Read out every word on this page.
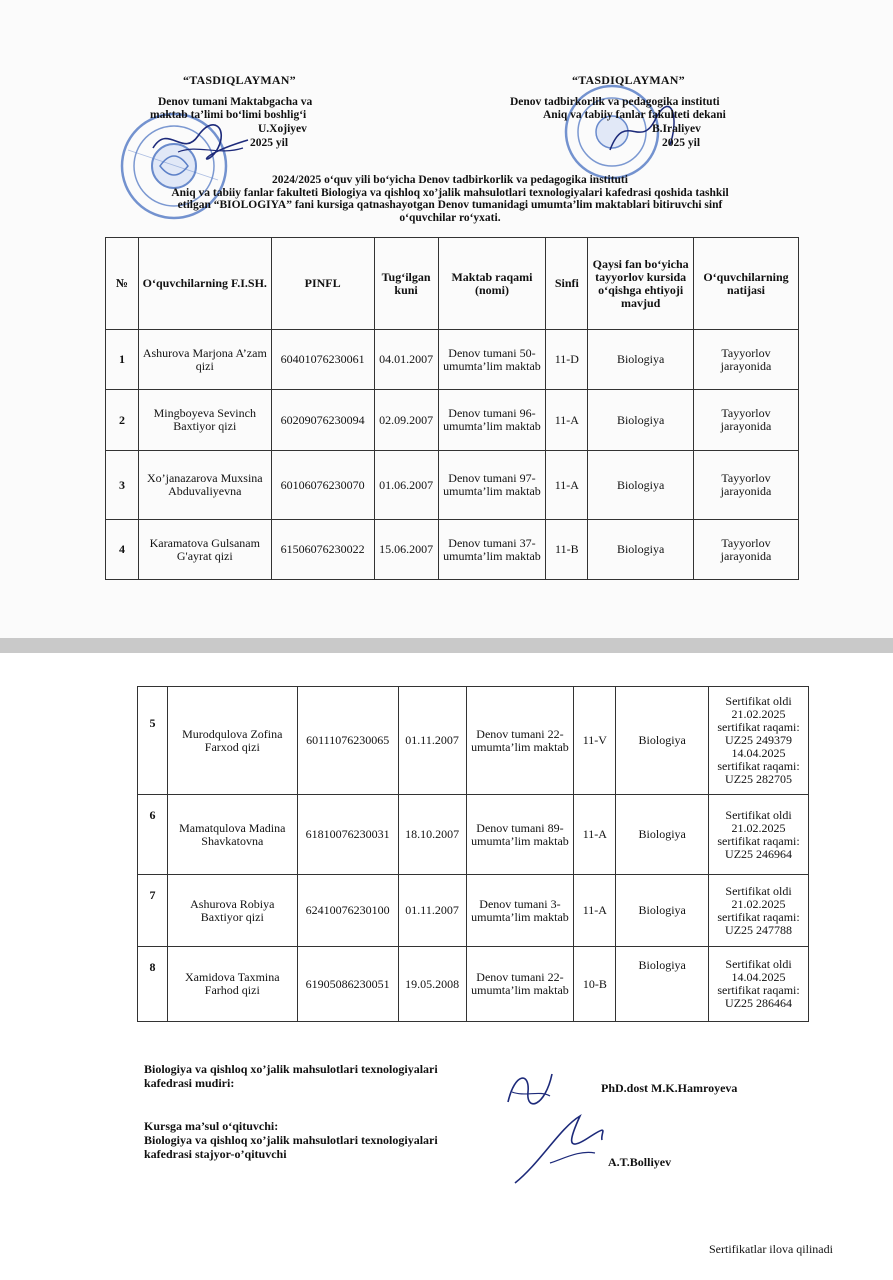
“TASDIQLAYMAN”
Denov tumani Maktabgacha va
maktab ta’limi bo‘limi boshlig‘i
U.Xojiyev
2025 yil
“TASDIQLAYMAN”
Denov tadbirkorlik va pedagogika instituti
Aniq va tabiiy fanlar fakulteti dekani
B.Iraliyev
2025 yil
2024/2025 o‘quv yili bo‘yicha Denov tadbirkorlik va pedagogika instituti
Aniq va tabiiy fanlar fakulteti Biologiya va qishloq xo’jalik mahsulotlari texnologiyalari kafedrasi qoshida tashkil
etilgan “BIOLOGIYA” fani kursiga qatnashayotgan Denov tumanidagi umumta’lim maktablari bitiruvchi sinf
o‘quvchilar ro‘yxati.
№	O‘quvchilarning F.I.SH.	PINFL	Tug‘ilgan kuni	Maktab raqami (nomi)	Sinfi	Qaysi fan bo‘yicha tayyorlov kursida o‘qishga ehtiyoji mavjud	O‘quvchilarning natijasi
1	Ashurova Marjona A’zam qizi	60401076230061	04.01.2007	Denov tumani 50- umumta’lim maktab	11-D	Biologiya	Tayyorlov jarayonida
2	Mingboyeva Sevinch Baxtiyor qizi	60209076230094	02.09.2007	Denov tumani 96- umumta’lim maktab	11-A	Biologiya	Tayyorlov jarayonida
3	Xo’janazarova Muxsina Abduvaliyevna	60106076230070	01.06.2007	Denov tumani 97- umumta’lim maktab	11-A	Biologiya	Tayyorlov jarayonida
4	Karamatova Gulsanam G'ayrat qizi	61506076230022	15.06.2007	Denov tumani 37- umumta’lim maktab	11-B	Biologiya	Tayyorlov jarayonida
5	Murodqulova Zofina Farxod qizi	60111076230065	01.11.2007	Denov tumani 22- umumta’lim maktab	11-V	Biologiya	Sertifikat oldi 21.02.2025 sertifikat raqami: UZ25 249379 14.04.2025 sertifikat raqami: UZ25 282705
6	Mamatqulova Madina Shavkatovna	61810076230031	18.10.2007	Denov tumani 89-umumta’lim maktab	11-A	Biologiya	Sertifikat oldi 21.02.2025 sertifikat raqami: UZ25 246964
7	Ashurova Robiya Baxtiyor qizi	62410076230100	01.11.2007	Denov tumani 3- umumta’lim maktab	11-A	Biologiya	Sertifikat oldi 21.02.2025 sertifikat raqami: UZ25 247788
8	Xamidova Taxmina Farhod qizi	61905086230051	19.05.2008	Denov tumani 22- umumta’lim maktab	10-B	Biologiya	Sertifikat oldi 14.04.2025 sertifikat raqami: UZ25 286464
Biologiya va qishloq xo’jalik mahsulotlari texnologiyalari
kafedrasi mudiri:	PhD.dost M.K.Hamroyeva
Kursga ma’sul o‘qituvchi:
Biologiya va qishloq xo’jalik mahsulotlari texnologiyalari
kafedrasi stajyor-o’qituvchi
A.T.Bolliyev
Sertifikatlar ilova qilinadi
